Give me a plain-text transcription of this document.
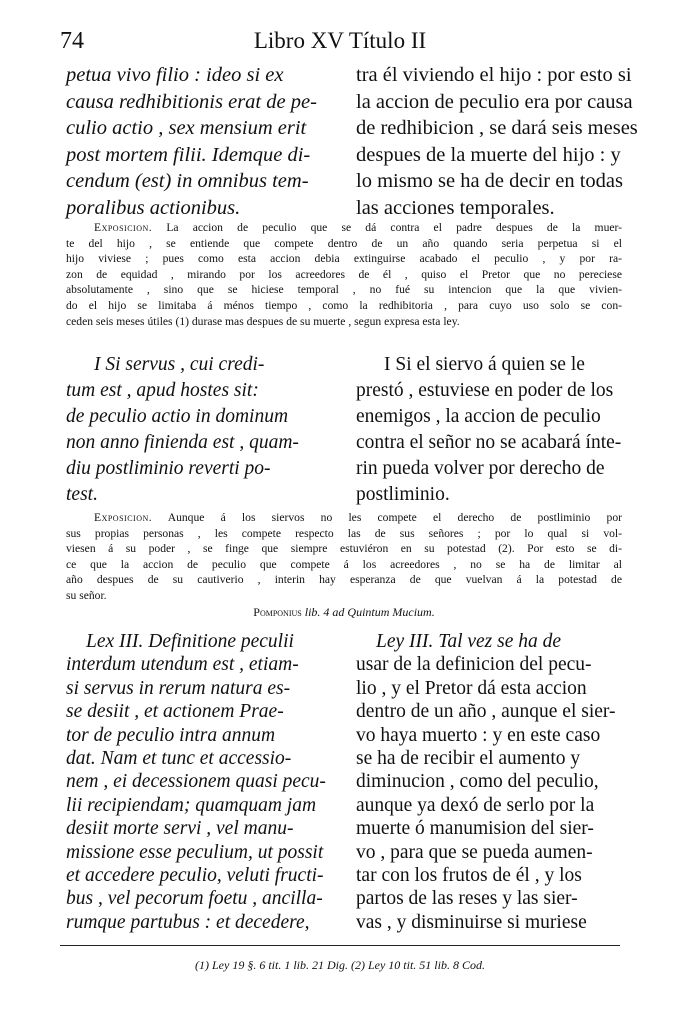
74	Libro XV Título II
petua vivo filio : ideo si ex
causa redhibitionis erat de pe-
culio actio , sex mensium erit
post mortem filii. Idemque di-
cendum (est) in omnibus tem-
poralibus actionibus.
tra él viviendo el hijo : por esto si
la accion de peculio era por causa
de redhibicion , se dará seis meses
despues de la muerte del hijo : y
lo mismo se ha de decir en todas
las acciones temporales.
Exposicion. La accion de peculio que se dá contra el padre despues de la muer-
te del hijo , se entiende que compete dentro de un año quando seria perpetua si el
hijo viviese ; pues como esta accion debia extinguirse acabado el peculio , y por ra-
zon de equidad , mirando por los acreedores de él , quiso el Pretor que no pereciese
absolutamente , sino que se hiciese temporal , no fué su intencion que la que vivien-
do el hijo se limitaba á ménos tiempo , como la redhibitoria , para cuyo uso solo se con-
ceden seis meses útiles (1) durase mas despues de su muerte , segun expresa esta ley.
I Si servus , cui credi-
tum est , apud hostes sit:
de peculio actio in dominum
non anno finienda est , quam-
diu postliminio reverti po-
test.
I Si el siervo á quien se le
prestó , estuviese en poder de los
enemigos , la accion de peculio
contra el señor no se acabará ínte-
rin pueda volver por derecho de
postliminio.
Exposicion. Aunque á los siervos no les compete el derecho de postliminio por
sus propias personas , les compete respecto las de sus señores ; por lo qual si vol-
viesen á su poder , se finge que siempre estuviéron en su potestad (2). Por esto se di-
ce que la accion de peculio que compete á los acreedores , no se ha de limitar al
año despues de su cautiverio , interin hay esperanza de que vuelvan á la potestad de
su señor.
Pomponius lib. 4 ad Quintum Mucium.
Lex III. Definitione peculii
interdum utendum est , etiam-
si servus in rerum natura es-
se desiit , et actionem Prae-
tor de peculio intra annum
dat. Nam et tunc et accessio-
nem , ei decessionem quasi pecu-
lii recipiendam; quamquam jam
desiit morte servi , vel manu-
missione esse peculium, ut possit
et accedere peculio, veluti fructi-
bus , vel pecorum foetu , ancilla-
rumque partubus : et decedere,
Ley III. Tal vez se ha de
usar de la definicion del pecu-
lio , y el Pretor dá esta accion
dentro de un año , aunque el sier-
vo haya muerto : y en este caso
se ha de recibir el aumento y
diminucion , como del peculio,
aunque ya dexó de serlo por la
muerte ó manumision del sier-
vo , para que se pueda aumen-
tar con los frutos de él , y los
partos de las reses y las sier-
vas , y disminuirse si muriese
(1) Ley 19 §. 6 tit. 1 lib. 21 Dig. (2) Ley 10 tit. 51 lib. 8 Cod.
